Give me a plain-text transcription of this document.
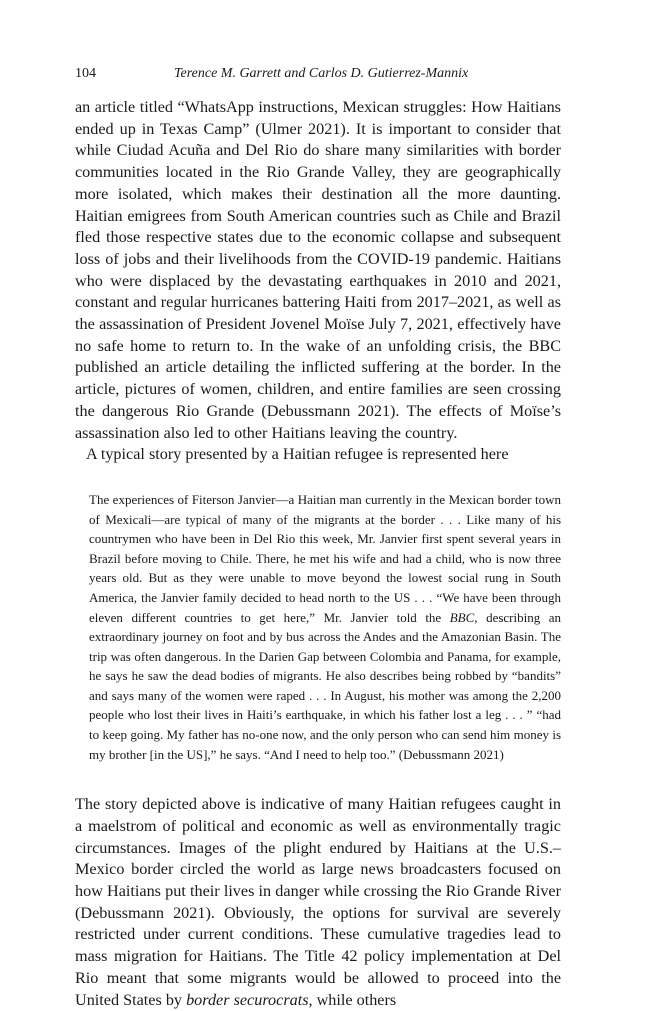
104	Terence M. Garrett and Carlos D. Gutierrez-Mannix

an article titled “WhatsApp instructions, Mexican struggles: How Haitians ended up in Texas Camp” (Ulmer 2021). It is important to consider that while Ciudad Acuña and Del Rio do share many similarities with border communities located in the Rio Grande Valley, they are geographically more isolated, which makes their destination all the more daunting. Haitian emigrees from South American countries such as Chile and Brazil fled those respective states due to the economic collapse and subsequent loss of jobs and their livelihoods from the COVID-19 pandemic. Haitians who were displaced by the devastating earthquakes in 2010 and 2021, constant and regular hurricanes battering Haiti from 2017–2021, as well as the assassination of President Jovenel Moïse July 7, 2021, effectively have no safe home to return to. In the wake of an unfolding crisis, the BBC published an article detailing the inflicted suffering at the border. In the article, pictures of women, children, and entire families are seen crossing the dangerous Rio Grande (Debussmann 2021). The effects of Moïse’s assassination also led to other Haitians leaving the country.

A typical story presented by a Haitian refugee is represented here

The experiences of Fiterson Janvier—a Haitian man currently in the Mexican border town of Mexicali—are typical of many of the migrants at the border . . . Like many of his countrymen who have been in Del Rio this week, Mr. Janvier first spent several years in Brazil before moving to Chile. There, he met his wife and had a child, who is now three years old. But as they were unable to move beyond the lowest social rung in South America, the Janvier family decided to head north to the US . . . “We have been through eleven different countries to get here,” Mr. Janvier told the BBC, describing an extraordinary journey on foot and by bus across the Andes and the Amazonian Basin. The trip was often dangerous. In the Darien Gap between Colombia and Panama, for example, he says he saw the dead bodies of migrants. He also describes being robbed by “bandits” and says many of the women were raped . . . In August, his mother was among the 2,200 people who lost their lives in Haiti’s earthquake, in which his father lost a leg . . . ” “had to keep going. My father has no-one now, and the only person who can send him money is my brother [in the US],” he says. “And I need to help too.” (Debussmann 2021)

The story depicted above is indicative of many Haitian refugees caught in a maelstrom of political and economic as well as environmentally tragic circumstances. Images of the plight endured by Haitians at the U.S.–Mexico border circled the world as large news broadcasters focused on how Haitians put their lives in danger while crossing the Rio Grande River (Debussmann 2021). Obviously, the options for survival are severely restricted under current conditions. These cumulative tragedies lead to mass migration for Haitians. The Title 42 policy implementation at Del Rio meant that some migrants would be allowed to proceed into the United States by border securocrats, while others
